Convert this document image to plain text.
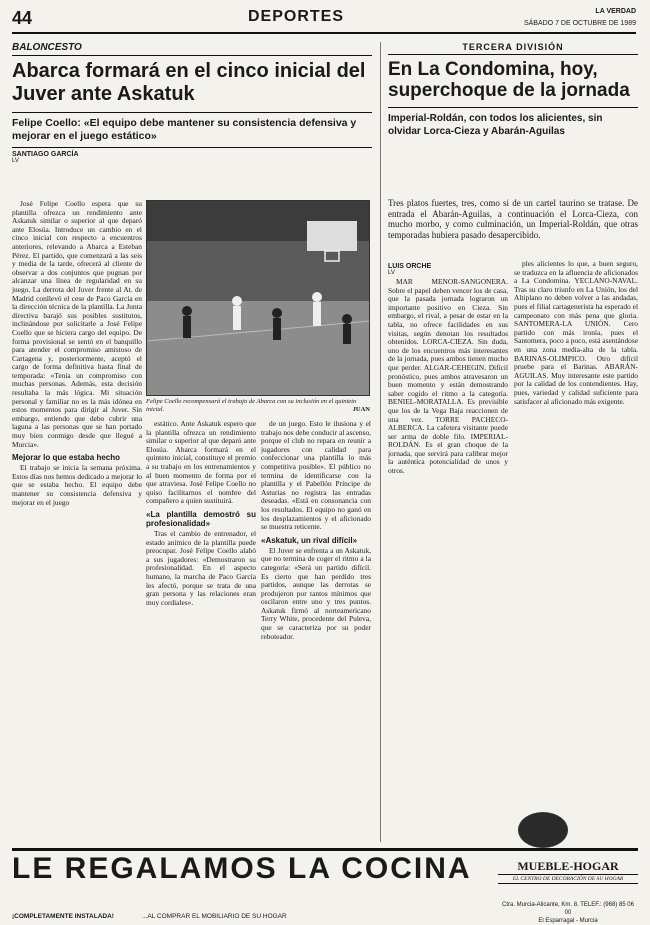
44	DEPORTES	LA VERDAD
SÁBADO 7 DE OCTUBRE DE 1989
BALONCESTO
Abarca formará en el cinco inicial del Juver ante Askatuk
Felipe Coello: «El equipo debe mantener su consistencia defensiva y mejorar en el juego estático»
SANTIAGO GARCÍA
LV

José Felipe Coello espera que su plantilla ofrezca un rendimiento ante Askatuk similar o superior al que deparó ante Elosúa. Introduce un cambio en el cinco inicial con respecto a encuentros anteriores, relevando a Abarca a Esteban Pérez. El partido, que comenzará a las seis y media de la tarde, ofrecerá al cliente de observar a dos conjuntos que pugnan por alcanzar una línea de regularidad en su juego. La derrota del Juver frente al At. de Madrid conllevó el cese de Paco García en la dirección técnica de la plantilla. La Junta directiva barajó sus posibles sustitutos, inclinándose por solicitarle a José Felipe Coello que se hiciera cargo del equipo. De forma provisional se sentó en el banquillo para atender el compromiso amistoso de Cartagena y, posteriormente, aceptó el cargo de forma definitiva hasta final de temporada: «Tenía un compromiso con muchas personas. Además, esta decisión resultaba la más lógica. Mi situación personal y familiar no es la más idónea en estos momentos para dirigir al Juver. Sin embargo, entiendo que debo cubrir una laguna a las personas que se han portado muy bien conmigo desde que llegué a Murcia».

Mejorar lo que estaba hecho

El trabajo se inicia la semana próxima. Estos días nos hemos dedicado a mejorar lo que se estaba hecho. El equipo debe mantener su consistencia defensiva y mejorar en el juego

Felipe Coello recompensará el trabajo de Abarca con su inclusión en el quinteto inicial.	JUAN

estático. Ante Askatuk espero que la plantilla ofrezca un rendimiento similar o superior al que deparó ante Elosúa. Abarca formará en el quinteto inicial, constituye el premio a su trabajo en los entrenamientos y al buen momento de forma por el que atraviesa. José Felipe Coello no quiso facilitarnos el nombre del compañero a quien sustituirá.

«La plantilla demostró su profesionalidad»

Tras el cambio de entrenador, el estado anímico de la plantilla puede preocupar. José Felipe Coello alabó a sus jugadores: «Demostraron su profesionalidad. En el aspecto humano, la marcha de Paco García les afectó, porque se trata de una gran persona y las relaciones eran muy cordiales».

de un juego. Esto le ilusiona y el trabajo nos debe conducir al ascenso, porque el club no repara en reunir a jugadores con calidad para confeccionar una plantilla lo más competitiva posible». El público no termina de identificarse con la plantilla y el Pabellón Príncipe de Asturias no registra las entradas deseadas. «Está en consonancia con los resultados. El equipo no ganó en los desplazamientos y el aficionado se muestra reticente.

«Askatuk, un rival difícil»

El Juver se enfrenta a un Askatuk, que no termina de coger el ritmo a la categoría: «Será un partido difícil. Es cierto que han perdido tres partidos, aunque las derrotas se produjeron por tantos mínimos que oscilaron entre uno y tres puntos. Askatuk firmó al norteamericano Terry White, procedente del Puleva, que se caracteriza por su poder reboteador.

TERCERA DIVISIÓN
En La Condomina, hoy, superchoque de la jornada
Imperial-Roldán, con todos los alicientes, sin olvidar Lorca-Cieza y Abarán-Aguilas
Tres platos fuertes, tres, como si de un cartel taurino se tratase. De entrada el Abarán-Aguilas, a continuación el Lorca-Cieza, con mucho morbo, y como culminación, un Imperial-Roldán, que otras temporadas hubiera pasado desapercibido.
LUIS ORCHE
LV

MAR MENOR-SANGONERA. Sobre el papel deben vencer los de casa, que la pasada jornada lograron un importante positivo en Cieza. Sin embargo, el rival, a pesar de estar en la tabla, no ofrece facilidades en sus visitas, según denotan los resultados obtenidos. LORCA-CIEZA. Sin duda, uno de los encuentros más interesantes de la jornada, pues ambos tienen mucho que perder. ALGAR-CEHEGIN. Difícil pronóstico, pues ambos atravesaron un buen momento y están demostrando saber cogido el ritmo a la categoría. BENIEL-MORATALLA. Es previsible que los de la Vega Baja reaccionen de una vez. TORRE PACHECO-ALBERCA. La cafetera visitante puede ser arma de doble filo. IMPERIAL-ROLDÁN. Es el gran choque de la jornada, que servirá para calibrar mejor la auténtica potencialidad de unos y otros.

ples alicientes lo que, a buen seguro, se traduzca en la afluencia de aficionados a La Condomina. YECLANO-NAVAL. Tras su claro triunfo en La Unión, los del Altiplano no deben volver a las andadas, pues el filial cartagenerista ha esperado el campeonato con más pena que gloria. SANTOMERA-LA UNIÓN. Cero partido con más ironía, pues el Santomera, poco a poco, está asentándose en una zona media-alta de la tabla. BARINAS-OLIMPICO. Otro difícil pruebe para el Barinas. ABARÁN-AGUILAS. Muy interesante este partido por la calidad de los contendientes. Hay, pues, variedad y calidad suficiente para satisfacer al aficionado más exigente.

LE REGALAMOS LA COCINA
¡COMPLETAMENTE INSTALADA!	...AL COMPRAR EL MOBILIARIO DE SU HOGAR
MUEBLE-HOGAR
EL CENTRO DE DECORACIÓN DE SU HOGAR
Ctra. Murcia-Alicante, Km. 8. TELEF.: (968) 85 06 00
El Esparragal - Murcia
